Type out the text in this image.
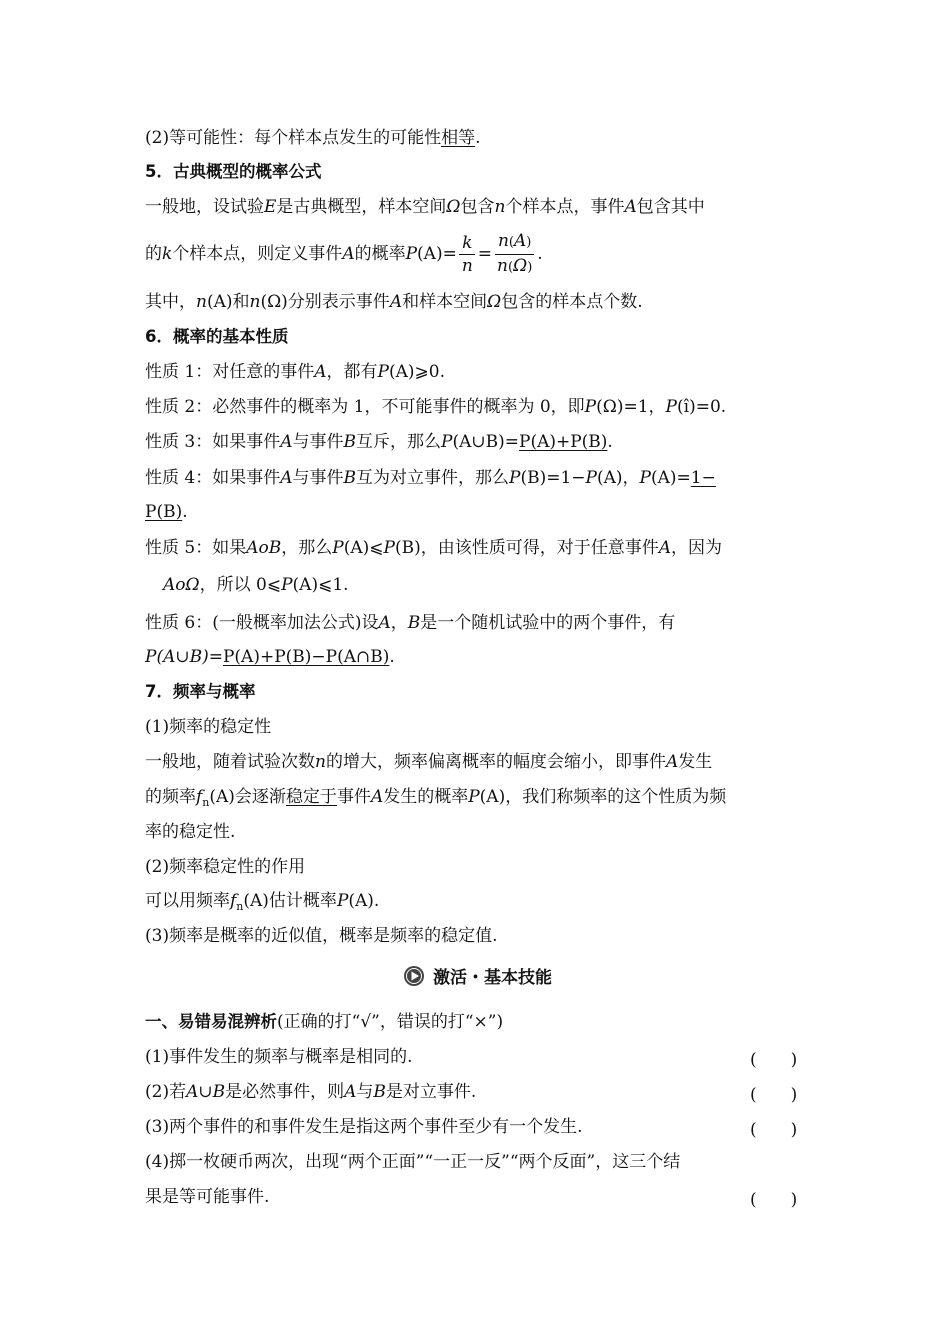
(2)等可能性：每个样本点发生的可能性相等.
5．古典概型的概率公式
一般地，设试验E是古典概型，样本空间Ω包含n个样本点，事件A包含其中
的k个样本点，则定义事件A的概率$P(A)= \frac{k}{n} = \frac{n(A)}{n(\Omega)}$ .
其中，n(A)和n(Ω)分别表示事件A和样本空间Ω包含的样本点个数.
6．概率的基本性质
性质 1：对任意的事件A，都有P(A)⩾0.
性质 2：必然事件的概率为 1，不可能事件的概率为 0，即P(Ω)=1，P(î)=0.
性质 3：如果事件A与事件B互斥，那么P(A∪B)=P(A)+P(B).
性质 4：如果事件A与事件B互为对立事件，那么P(B)=1−P(A)，P(A)=1−
P(B).
性质 5：如果AoB，那么P(A)⩽P(B)，由该性质可得，对于任意事件A，因为
AoΩ，所以 0⩽P(A)⩽1.
性质 6：(一般概率加法公式)设A，B是一个随机试验中的两个事件，有
P(A∪B)=P(A)+P(B)−P(A∩B).
7．频率与概率
(1)频率的稳定性
一般地，随着试验次数n的增大，频率偏离概率的幅度会缩小，即事件A发生
的频率$f_n(A)$会逐渐稳定于事件A发生的概率P(A)，我们称频率的这个性质为频
率的稳定性.
(2)频率稳定性的作用
可以用频率$f_n(A)$估计概率P(A).
(3)频率是概率的近似值，概率是频率的稳定值.
激活・基本技能
一、易错易混辨析(正确的打“√”，错误的打“×”)
(1)事件发生的频率与概率是相同的.	(　　)
(2)若A∪B是必然事件，则A与B是对立事件.	(　　)
(3)两个事件的和事件发生是指这两个事件至少有一个发生.	(　　)
(4)掷一枚硬币两次，出现“两个正面”“一正一反”“两个反面”，这三个结
果是等可能事件.	(　　)
